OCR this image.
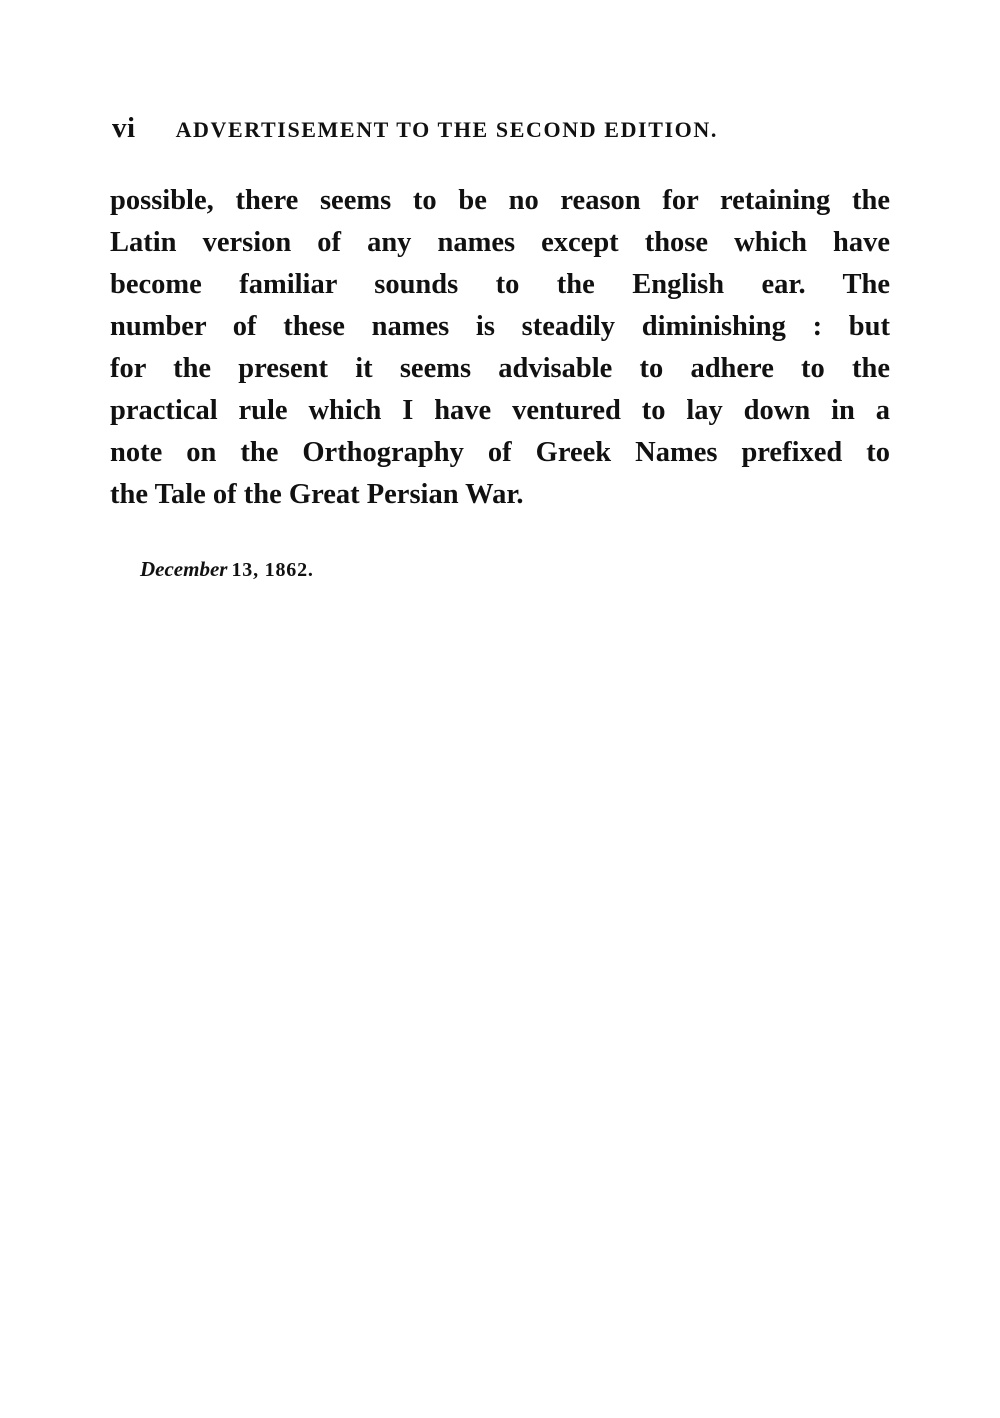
vi ADVERTISEMENT TO THE SECOND EDITION.
possible, there seems to be no reason for retaining the
Latin version of any names except those which have
become familiar sounds to the English ear. The
number of these names is steadily diminishing : but
for the present it seems advisable to adhere to the
practical rule which I have ventured to lay down in a
note on the Orthography of Greek Names prefixed to
the Tale of the Great Persian War.
December 13, 1862.
